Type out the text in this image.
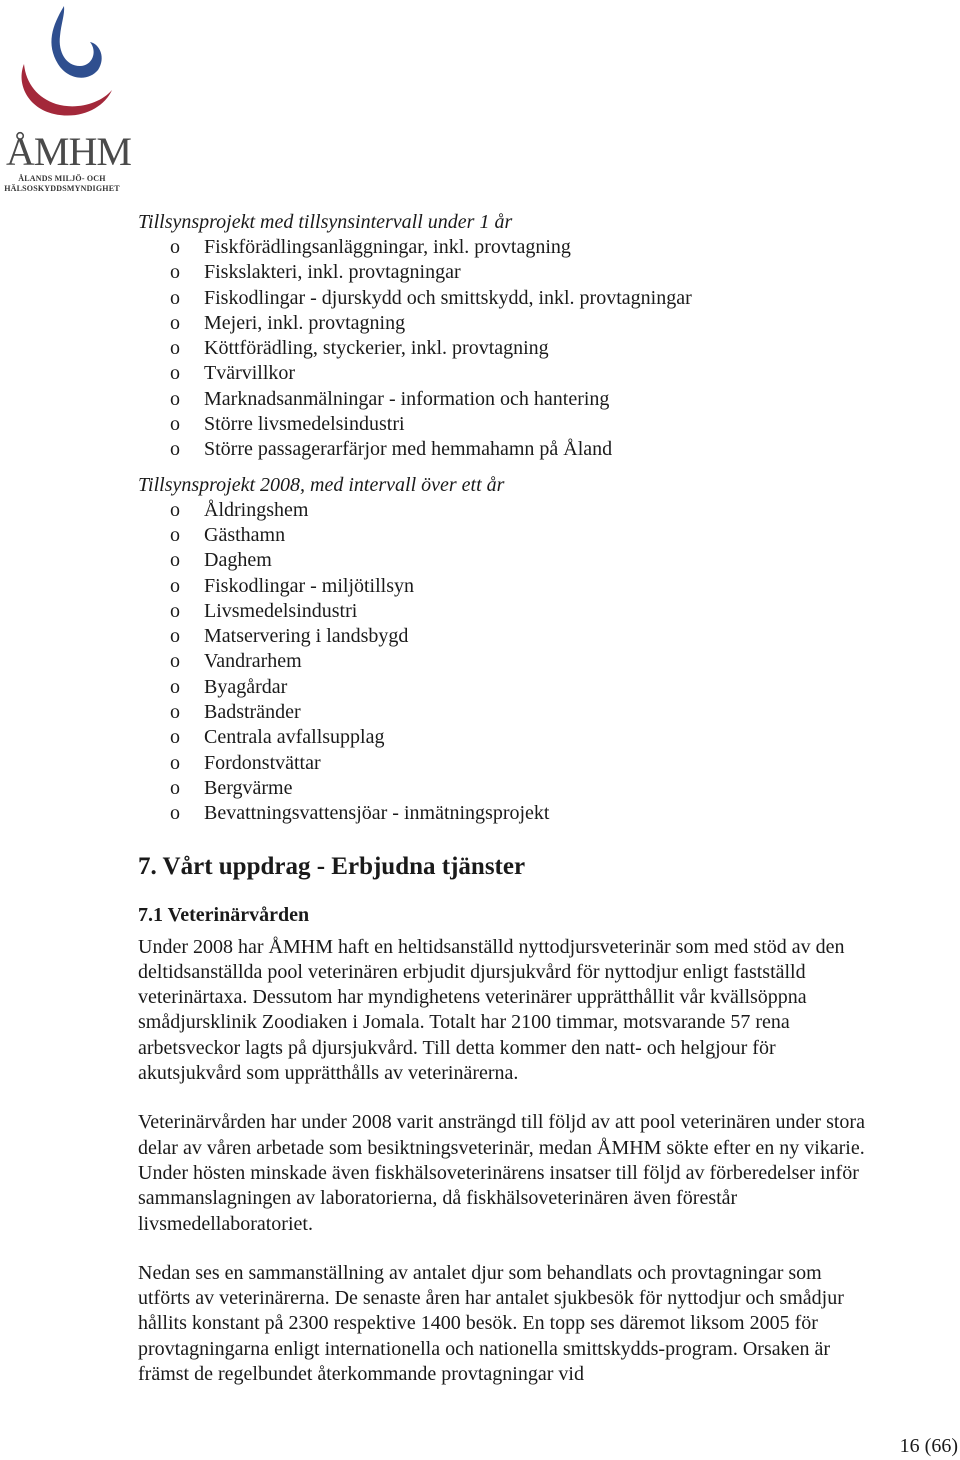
ÅMHM
ÅLANDS MILJÖ- OCH
HÄLSOSKYDDSMYNDIGHET

Tillsynsprojekt med tillsynsintervall under 1 år

o Fiskförädlingsanläggningar, inkl. provtagning
o Fiskslakteri, inkl. provtagningar
o Fiskodlingar - djurskydd och smittskydd, inkl. provtagningar
o Mejeri, inkl. provtagning
o Köttförädling, styckerier, inkl. provtagning
o Tvärvillkor
o Marknadsanmälningar - information och hantering
o Större livsmedelsindustri
o Större passagerarfärjor med hemmahamn på Åland

Tillsynsprojekt 2008, med intervall över ett år

o Åldringshem
o Gästhamn
o Daghem
o Fiskodlingar - miljötillsyn
o Livsmedelsindustri
o Matservering i landsbygd
o Vandrarhem
o Byagårdar
o Badstränder
o Centrala avfallsupplag
o Fordonstvättar
o Bergvärme
o Bevattningsvattensjöar - inmätningsprojekt
7. Vårt uppdrag - Erbjudna tjänster
7.1 Veterinärvården

Under 2008 har ÅMHM haft en heltidsanställd nyttodjursveterinär som med stöd av den deltidsanställda pool veterinären erbjudit djursjukvård för nyttodjur enligt fastställd veterinärtaxa. Dessutom har myndighetens veterinärer upprätthållit vår kvällsöppna smådjursklinik Zoodiaken i Jomala. Totalt har 2100 timmar, motsvarande 57 rena arbetsveckor lagts på djursjukvård. Till detta kommer den natt- och helgjour för akutsjukvård som upprätthålls av veterinärerna.

Veterinärvården har under 2008 varit ansträngd till följd av att pool veterinären under stora delar av våren arbetade som besiktningsveterinär, medan ÅMHM sökte efter en ny vikarie. Under hösten minskade även fiskhälsoveterinärens insatser till följd av förberedelser inför sammanslagningen av laboratorierna, då fiskhälsoveterinären även förestår livsmedellaboratoriet.

Nedan ses en sammanställning av antalet djur som behandlats och provtagningar som utförts av veterinärerna. De senaste åren har antalet sjukbesök för nyttodjur och smådjur hållits konstant på 2300 respektive 1400 besök. En topp ses däremot liksom 2005 för provtagningarna enligt internationella och nationella smittskydds-program. Orsaken är främst de regelbundet återkommande provtagningar vid

16 (66)
